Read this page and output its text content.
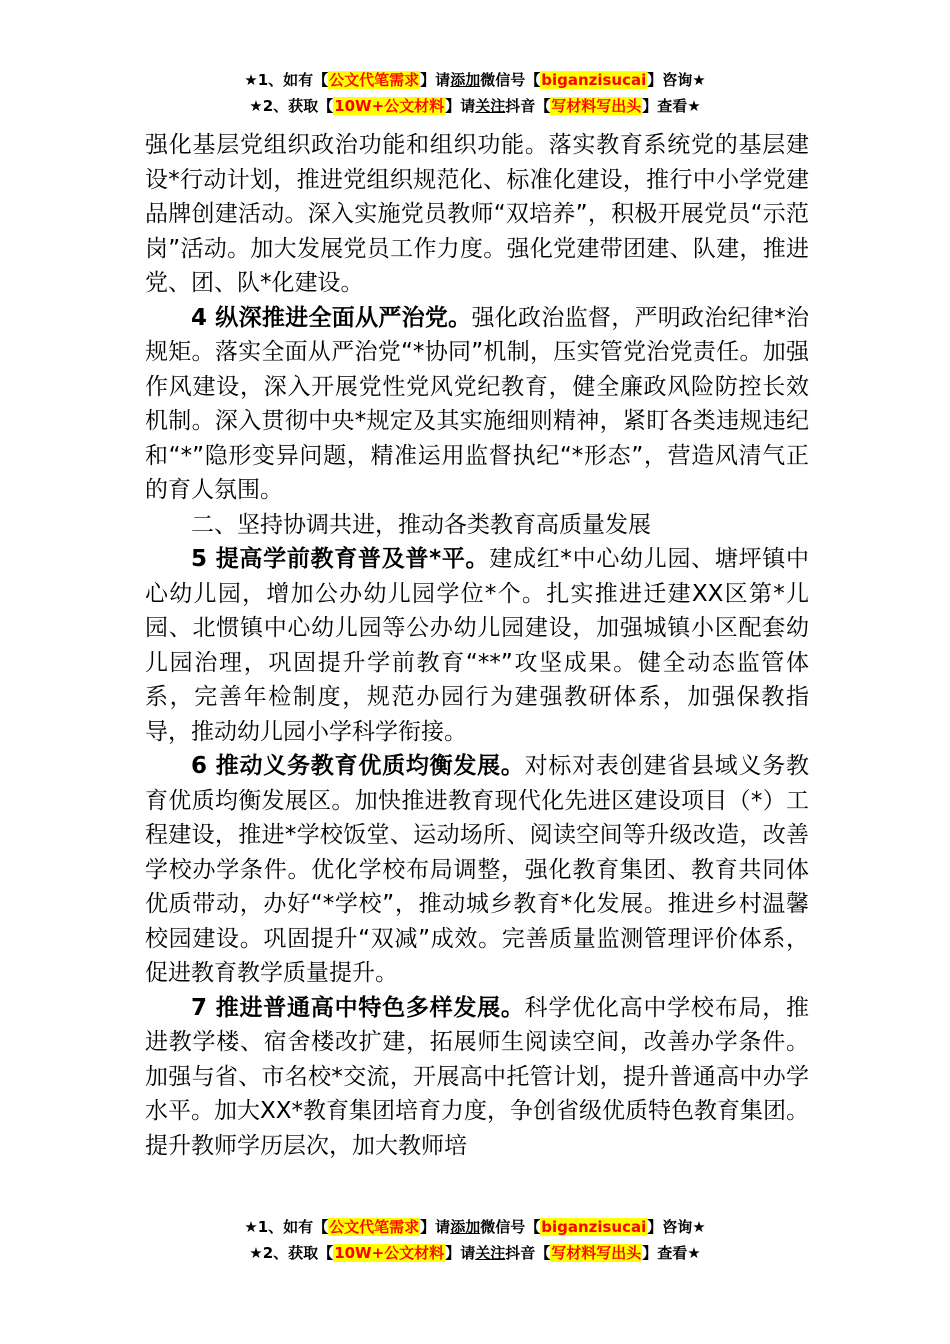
★1、如有【公文代笔需求】请添加微信号【biganzisucai】咨询★
★2、获取【10W+公文材料】请关注抖音【写材料写出头】查看★

强化基层党组织政治功能和组织功能。落实教育系统党的基层建设*行动计划，推进党组织规范化、标准化建设，推行中小学党建品牌创建活动。深入实施党员教师“双培养”，积极开展党员“示范岗”活动。加大发展党员工作力度。强化党建带团建、队建，推进党、团、队*化建设。

4 纵深推进全面从严治党。强化政治监督，严明政治纪律*治规矩。落实全面从严治党“*协同”机制，压实管党治党责任。加强作风建设，深入开展党性党风党纪教育，健全廉政风险防控长效机制。深入贯彻中央*规定及其实施细则精神，紧盯各类违规违纪和“*”隐形变异问题，精准运用监督执纪“*形态”，营造风清气正的育人氛围。

二、坚持协调共进，推动各类教育高质量发展

5 提高学前教育普及普*平。建成红*中心幼儿园、塘坪镇中心幼儿园，增加公办幼儿园学位*个。扎实推进迁建XX区第*儿园、北惯镇中心幼儿园等公办幼儿园建设，加强城镇小区配套幼儿园治理，巩固提升学前教育“**”攻坚成果。健全动态监管体系，完善年检制度，规范办园行为建强教研体系，加强保教指导，推动幼儿园小学科学衔接。

6 推动义务教育优质均衡发展。对标对表创建省县域义务教育优质均衡发展区。加快推进教育现代化先进区建设项目（*）工程建设，推进*学校饭堂、运动场所、阅读空间等升级改造，改善学校办学条件。优化学校布局调整，强化教育集团、教育共同体优质带动，办好“*学校”，推动城乡教育*化发展。推进乡村温馨校园建设。巩固提升“双减”成效。完善质量监测管理评价体系，促进教育教学质量提升。

7 推进普通高中特色多样发展。科学优化高中学校布局，推进教学楼、宿舍楼改扩建，拓展师生阅读空间，改善办学条件。加强与省、市名校*交流，开展高中托管计划，提升普通高中办学水平。加大XX*教育集团培育力度，争创省级优质特色教育集团。提升教师学历层次，加大教师培

★1、如有【公文代笔需求】请添加微信号【biganzisucai】咨询★
★2、获取【10W+公文材料】请关注抖音【写材料写出头】查看★
